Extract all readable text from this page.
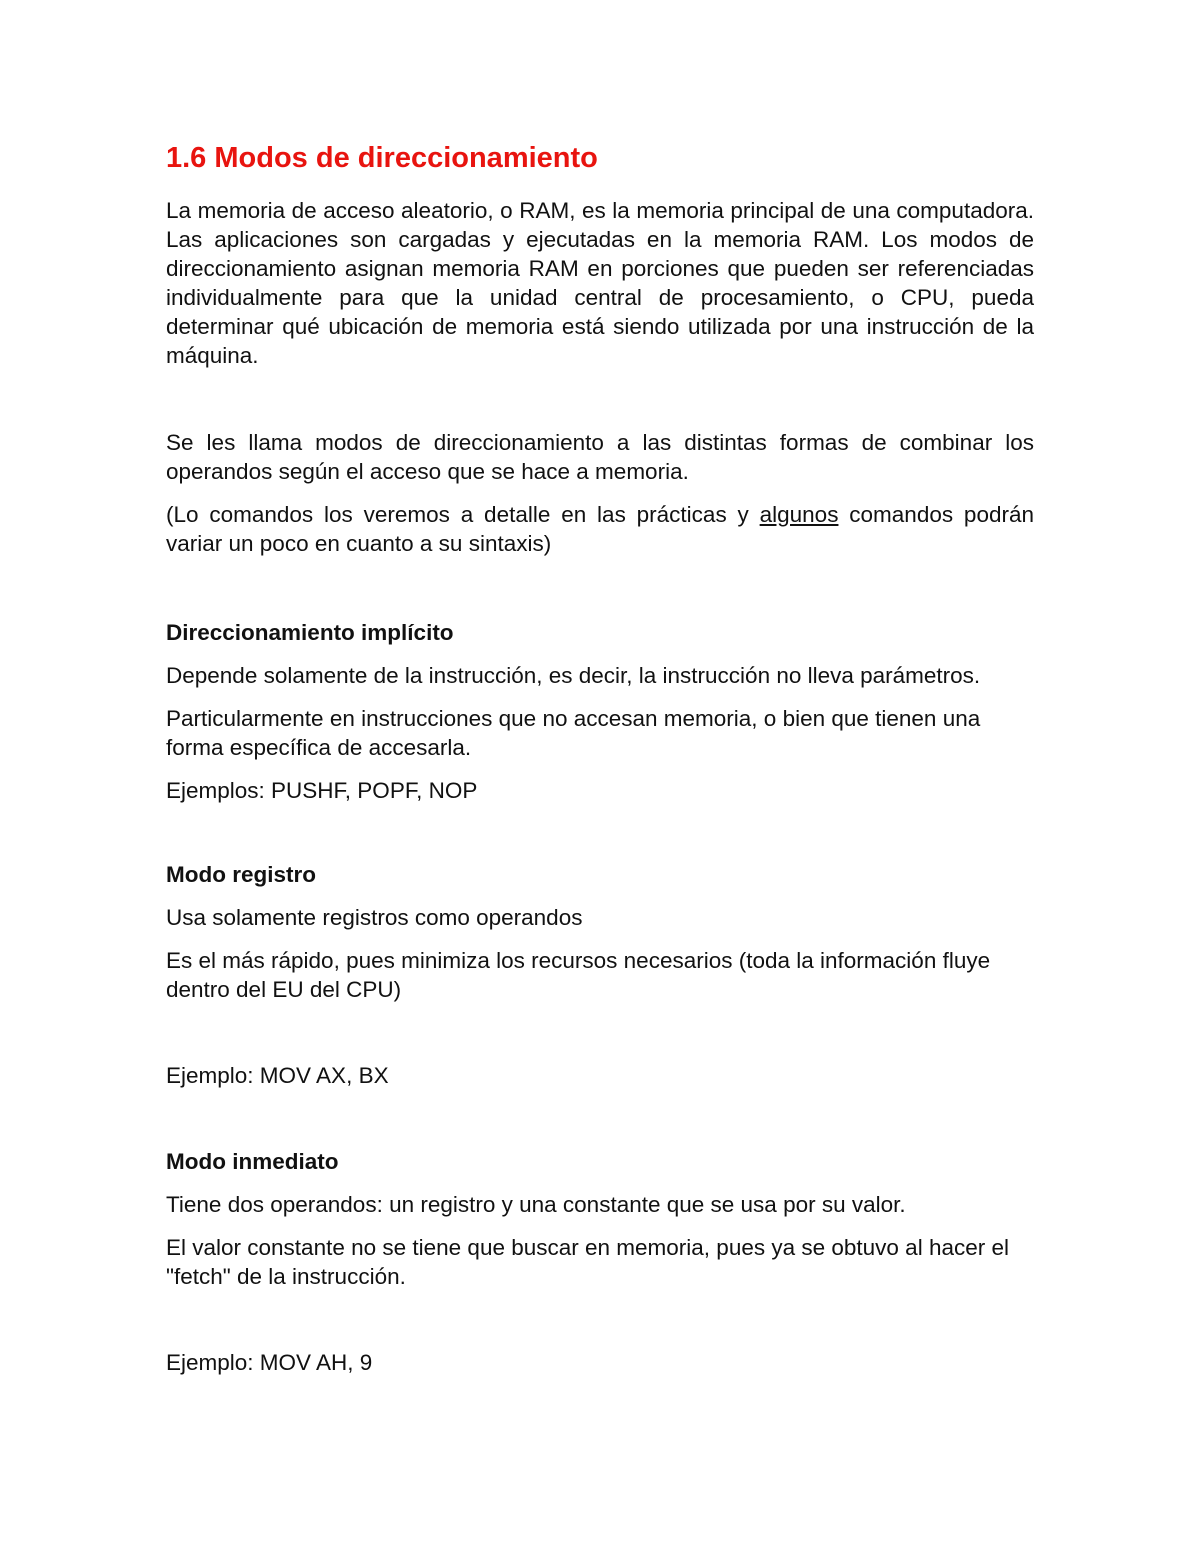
1.6 Modos de direccionamiento

La memoria de acceso aleatorio, o RAM, es la memoria principal de una computadora. Las aplicaciones son cargadas y ejecutadas en la memoria RAM. Los modos de direccionamiento asignan memoria RAM en porciones que pueden ser referenciadas individualmente para que la unidad central de procesamiento, o CPU, pueda determinar qué ubicación de memoria está siendo utilizada por una instrucción de la máquina.

Se les llama modos de direccionamiento a las distintas formas de combinar los operandos según el acceso que se hace a memoria.

(Lo comandos los veremos a detalle en las prácticas y algunos comandos podrán variar un poco en cuanto a su sintaxis)

Direccionamiento implícito

Depende solamente de la instrucción, es decir, la instrucción no lleva parámetros.

Particularmente en instrucciones que no accesan memoria, o bien que tienen una forma específica de accesarla.

Ejemplos: PUSHF, POPF, NOP

Modo registro

Usa solamente registros como operandos

Es el más rápido, pues minimiza los recursos necesarios (toda la información fluye dentro del EU del CPU)

Ejemplo: MOV AX, BX

Modo inmediato

Tiene dos operandos: un registro y una constante que se usa por su valor.

El valor constante no se tiene que buscar en memoria, pues ya se obtuvo al hacer el "fetch" de la instrucción.

Ejemplo: MOV AH, 9
